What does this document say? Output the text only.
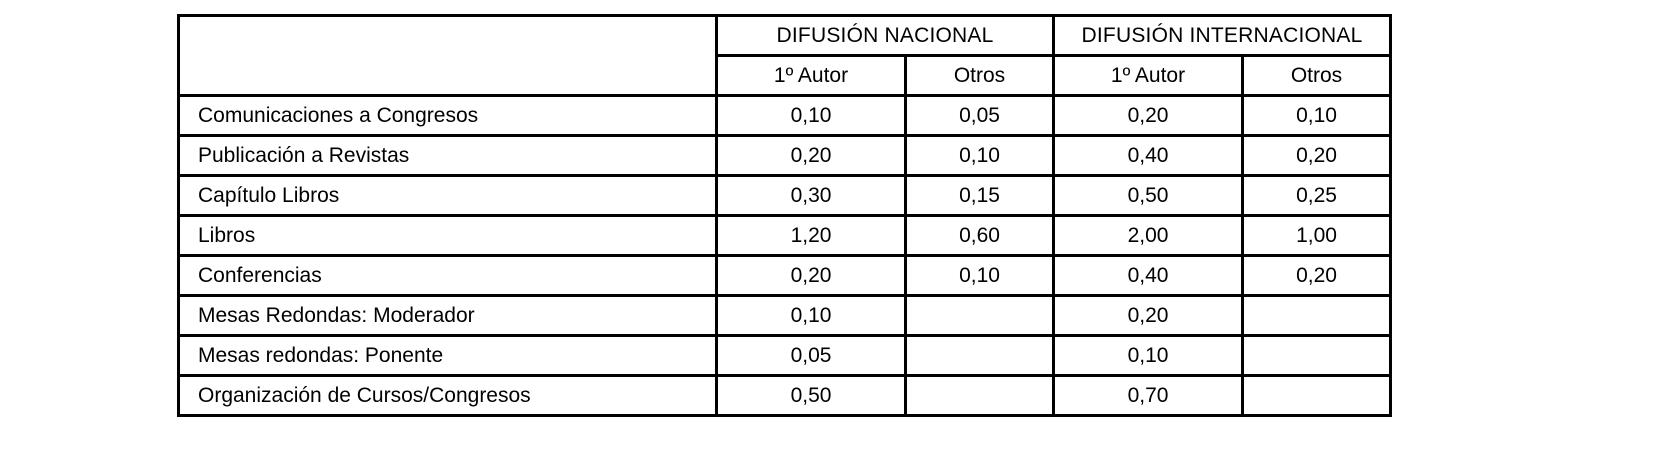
	DIFUSIÓN NACIONAL		DIFUSIÓN INTERNACIONAL	
	1º Autor	Otros	1º Autor	Otros
Comunicaciones a Congresos	0,10	0,05	0,20	0,10
Publicación a Revistas	0,20	0,10	0,40	0,20
Capítulo Libros	0,30	0,15	0,50	0,25
Libros	1,20	0,60	2,00	1,00
Conferencias	0,20	0,10	0,40	0,20
Mesas Redondas: Moderador	0,10		0,20	
Mesas redondas: Ponente	0,05		0,10	
Organización de Cursos/Congresos	0,50		0,70	
